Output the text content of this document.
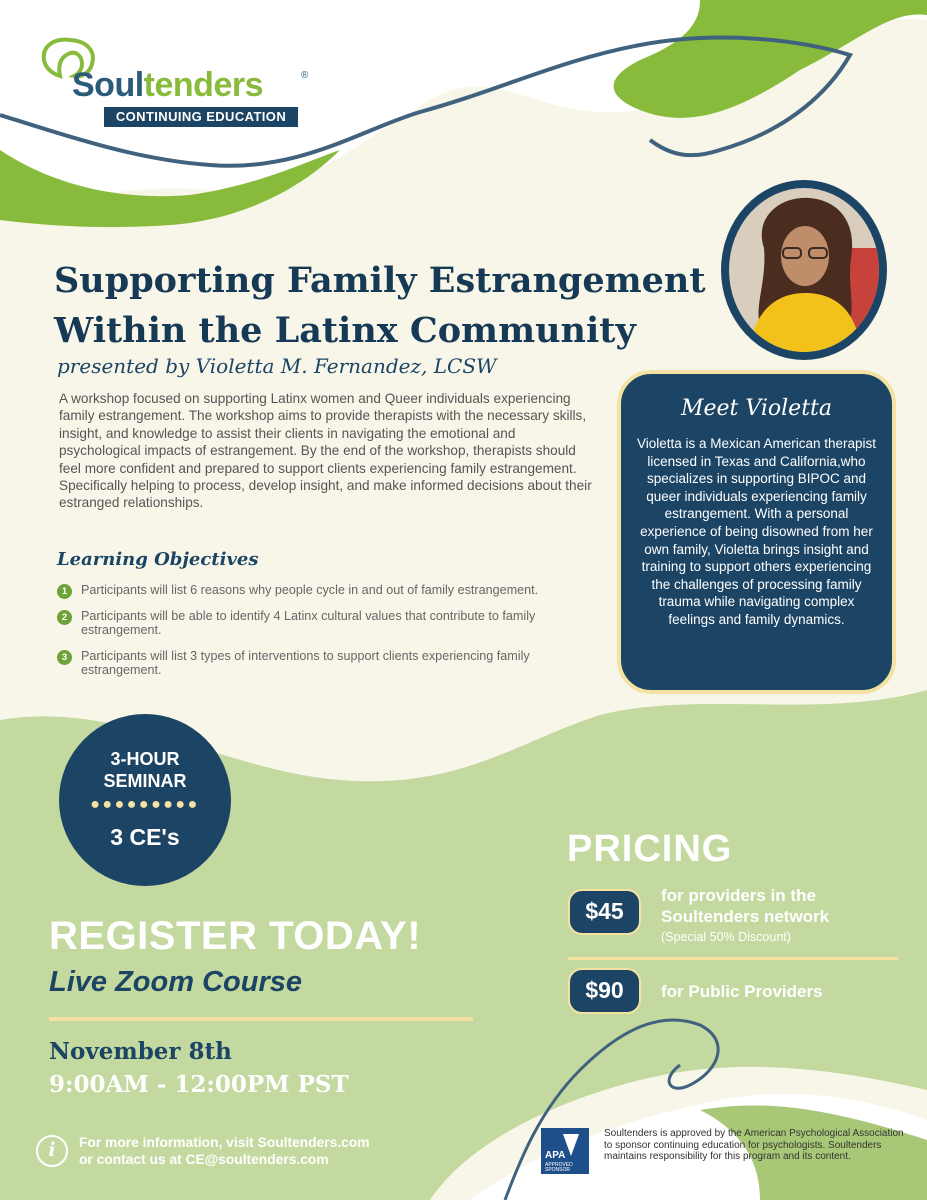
Soultenders	®
CONTINUING EDUCATION
Supporting Family Estrangement Within the Latinx Community
presented by Violetta M. Fernandez, LCSW

A workshop focused on supporting Latinx women and Queer individuals experiencing family estrangement. The workshop aims to provide therapists with the necessary skills, insight, and knowledge to assist their clients in navigating the emotional and psychological impacts of estrangement. By the end of the workshop, therapists should feel more confident and prepared to support clients experiencing family estrangement. Specifically helping to process, develop insight, and make informed decisions about their estranged relationships.

Learning Objectives
1	Participants will list 6 reasons why people cycle in and out of family estrangement.
2	Participants will be able to identify 4 Latinx cultural values that contribute to family estrangement.
3	Participants will list 3 types of interventions to support clients experiencing family estrangement.
Meet Violetta
Violetta is a Mexican American therapist licensed in Texas and California,who specializes in supporting BIPOC and queer individuals experiencing family estrangement. With a personal experience of being disowned from her own family, Violetta brings insight and training to support others experiencing the challenges of processing family trauma while navigating complex feelings and family dynamics.
3-HOUR
SEMINAR
●●●●●●●●●
3 CE's
REGISTER TODAY!
Live Zoom Course
November 8th
9:00AM - 12:00PM PST
i	For more information, visit Soultenders.com
or contact us at CE@soultenders.com
PRICING
$45
for providers in the
Soultenders network
(Special 50% Discount)
$90	for Public Providers
APA
APPROVED
SPONSOR
Soultenders is approved by the American Psychological Association to sponsor continuing education for psychologists. Soultenders maintains responsibility for this program and its content.
